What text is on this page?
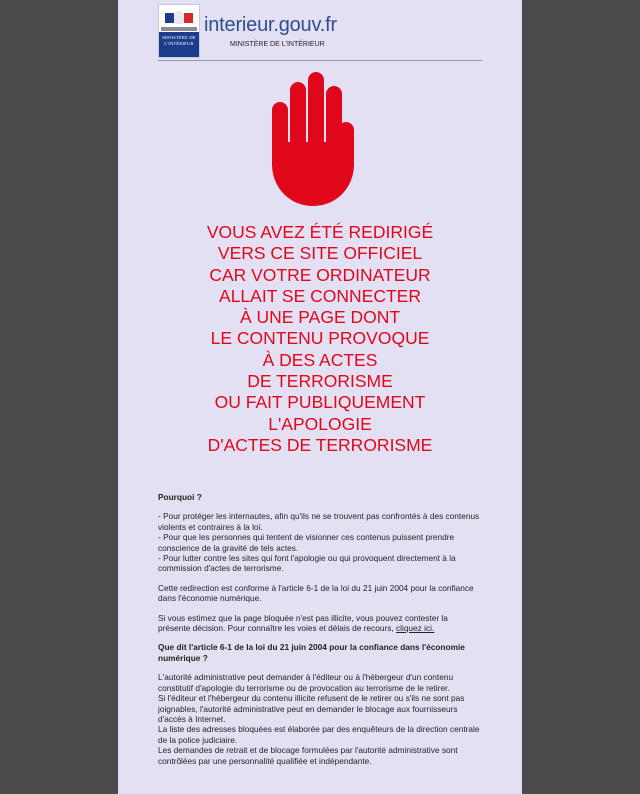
MINISTÈRE DE L'INTÉRIEUR
interieur.gouv.fr
MINISTÈRE DE L'INTÉRIEUR
VOUS AVEZ ÉTÉ REDIRIGÉ
VERS CE SITE OFFICIEL
CAR VOTRE ORDINATEUR
ALLAIT SE CONNECTER
À UNE PAGE DONT
LE CONTENU PROVOQUE
À DES ACTES
DE TERRORISME
OU FAIT PUBLIQUEMENT
L'APOLOGIE
D'ACTES DE TERRORISME

Pourquoi ?

- Pour protéger les internautes, afin qu'ils ne se trouvent pas confrontés à des contenus violents et contraires à la loi.
- Pour que les personnes qui tentent de visionner ces contenus puissent prendre conscience de la gravité de tels actes.
- Pour lutter contre les sites qui font l'apologie ou qui provoquent directement à la commission d'actes de terrorisme.

Cette redirection est conforme à l'article 6-1 de la loi du 21 juin 2004 pour la confiance dans l'économie numérique.

Si vous estimez que la page bloquée n'est pas illicite, vous pouvez contester la présente décision. Pour connaître les voies et délais de recours, cliquez ici.

Que dit l'article 6-1 de la loi du 21 juin 2004 pour la confiance dans l'économie numérique ?

L'autorité administrative peut demander à l'éditeur ou à l'hébergeur d'un contenu constitutif d'apologie du terrorisme ou de provocation au terrorisme de le retirer.
Si l'éditeur et l'hébergeur du contenu illicite refusent de le retirer ou s'ils ne sont pas joignables, l'autorité administrative peut en demander le blocage aux fournisseurs d'accès à Internet.
La liste des adresses bloquées est élaborée par des enquêteurs de la direction centrale de la police judiciaire.
Les demandes de retrait et de blocage formulées par l'autorité administrative sont contrôlées par une personnalité qualifiée et indépendante.
